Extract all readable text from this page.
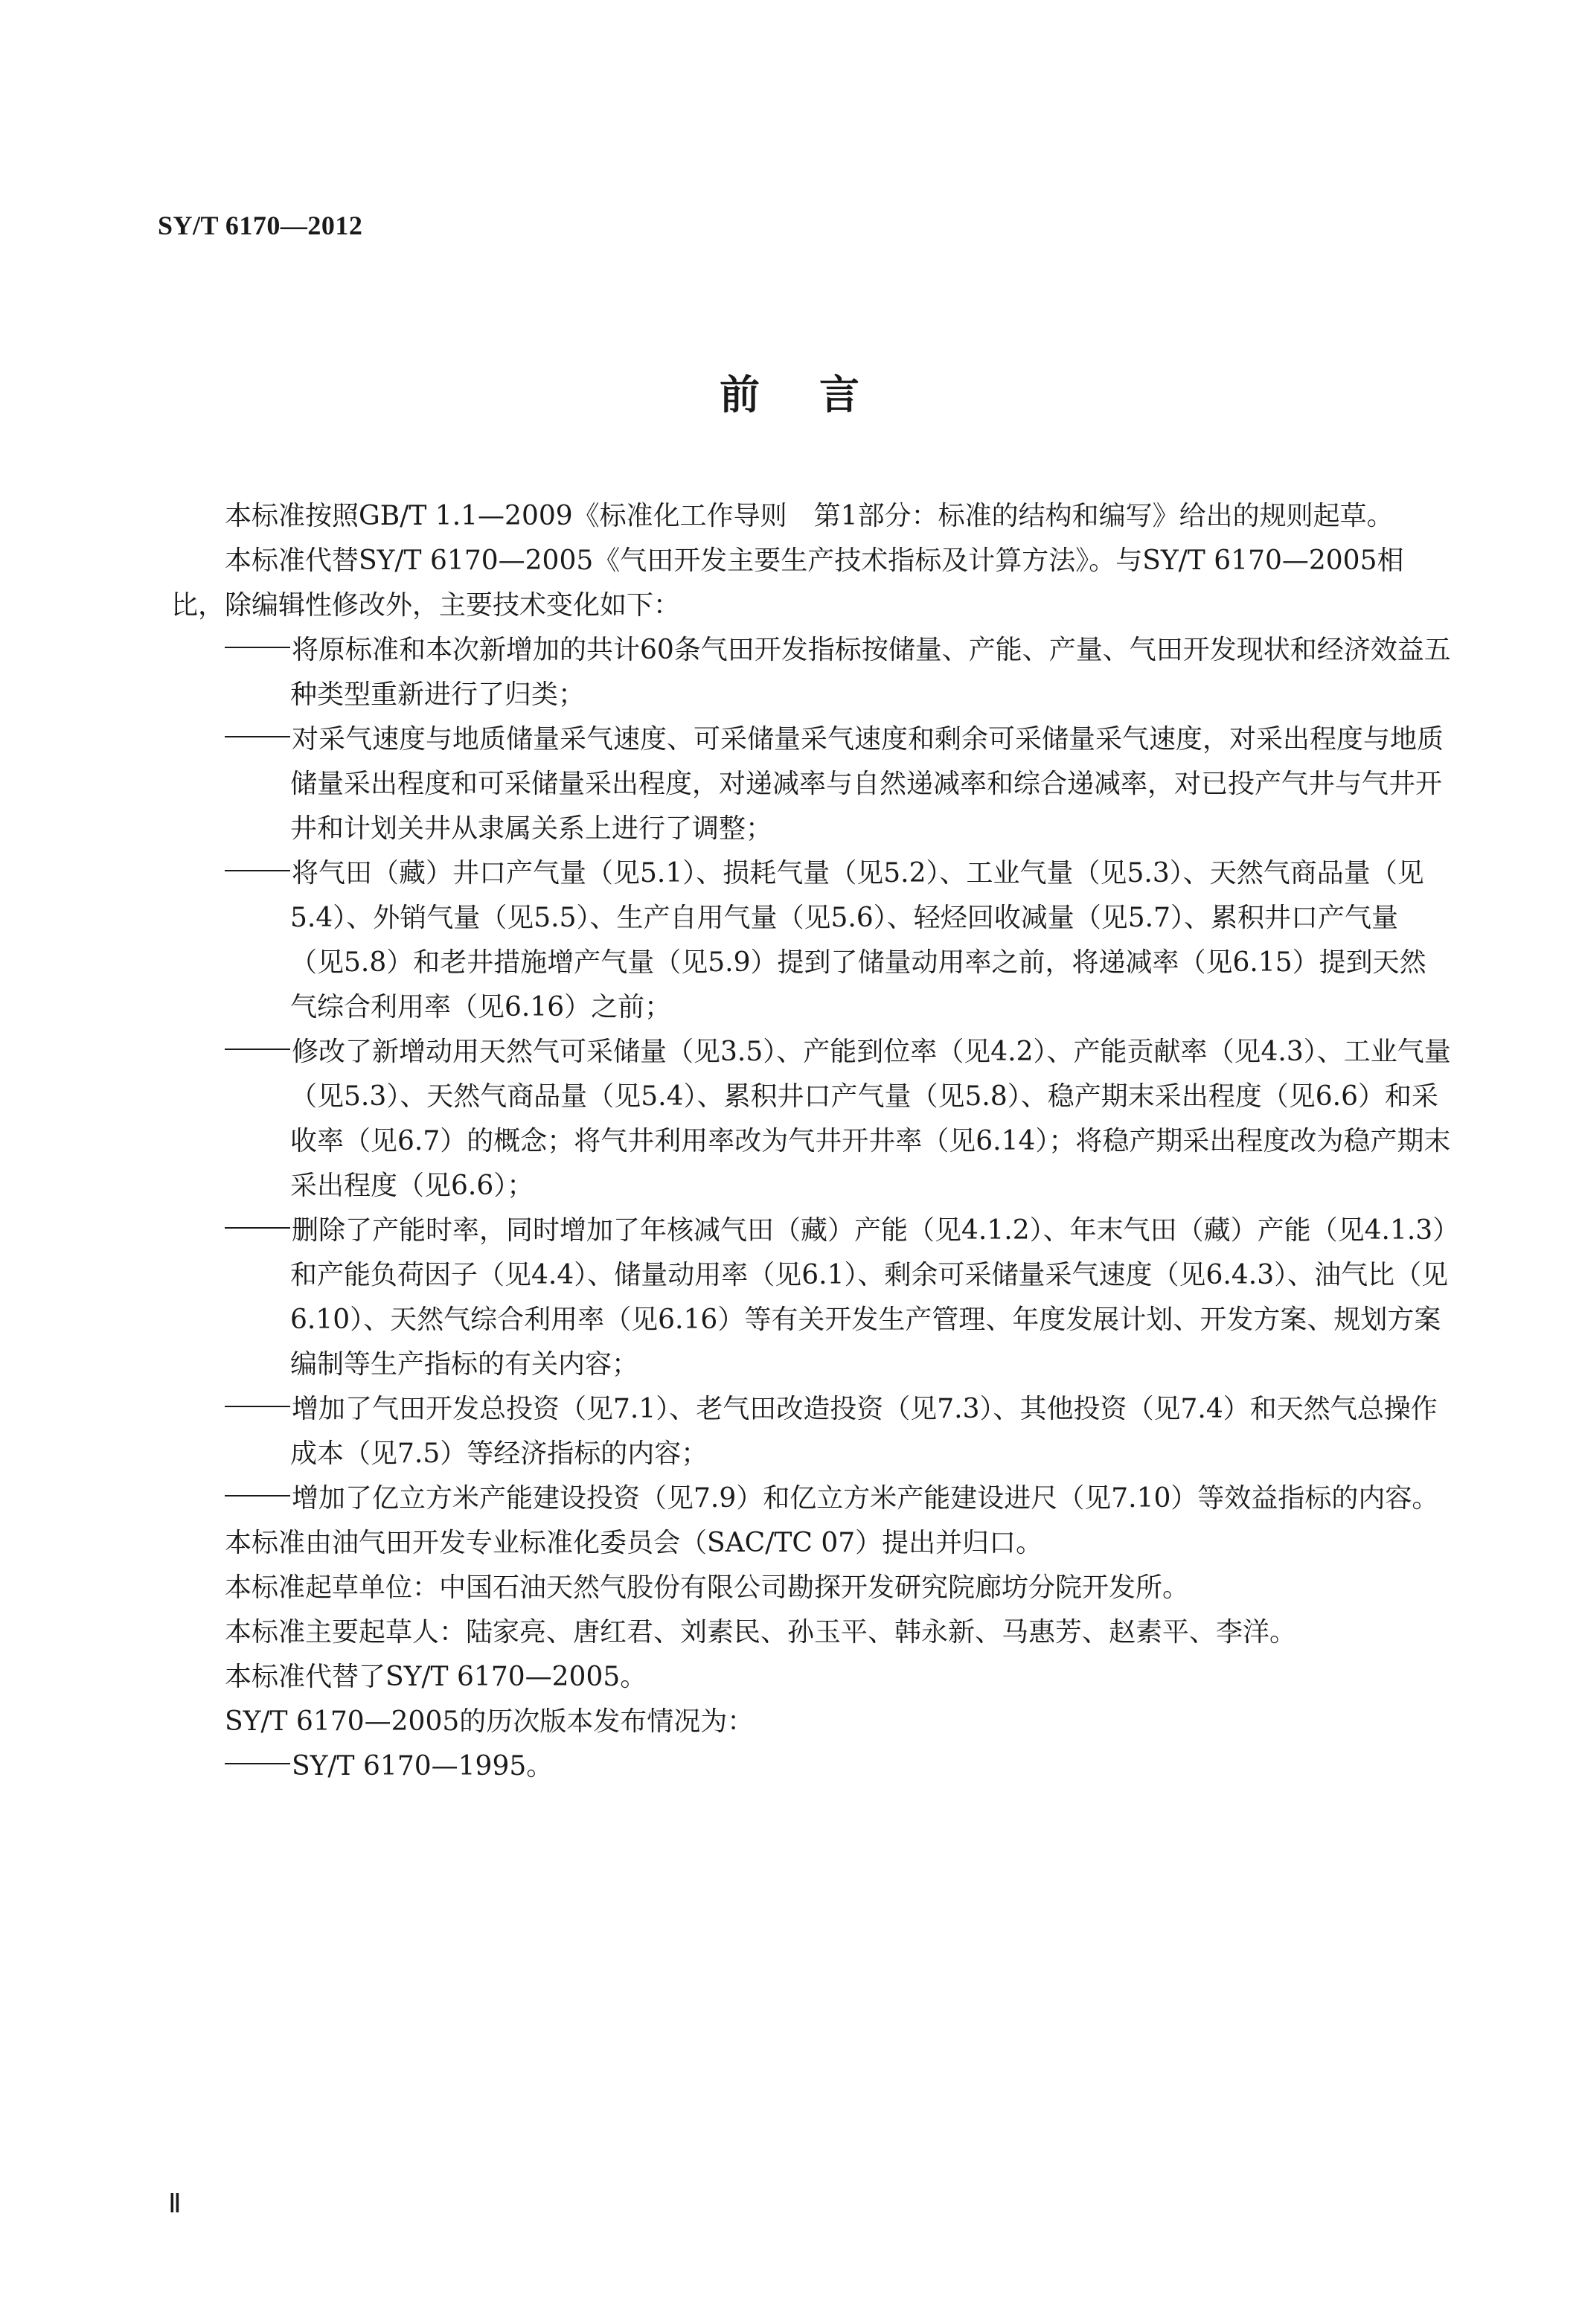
SY/T 6170—2012
前言

本标准按照GB/T 1.1—2009《标准化工作导则　第1部分：标准的结构和编写》给出的规则起草。

本标准代替SY/T 6170—2005《气田开发主要生产技术指标及计算方法》。与SY/T 6170—2005相比，除编辑性修改外，主要技术变化如下：

将原标准和本次新增加的共计60条气田开发指标按储量、产能、产量、气田开发现状和经济效益五种类型重新进行了归类；

对采气速度与地质储量采气速度、可采储量采气速度和剩余可采储量采气速度，对采出程度与地质储量采出程度和可采储量采出程度，对递减率与自然递减率和综合递减率，对已投产气井与气井开井和计划关井从隶属关系上进行了调整；

将气田（藏）井口产气量（见5.1）、损耗气量（见5.2）、工业气量（见5.3）、天然气商品量（见5.4）、外销气量（见5.5）、生产自用气量（见5.6）、轻烃回收减量（见5.7）、累积井口产气量（见5.8）和老井措施增产气量（见5.9）提到了储量动用率之前，将递减率（见6.15）提到天然气综合利用率（见6.16）之前；

修改了新增动用天然气可采储量（见3.5）、产能到位率（见4.2）、产能贡献率（见4.3）、工业气量（见5.3）、天然气商品量（见5.4）、累积井口产气量（见5.8）、稳产期末采出程度（见6.6）和采收率（见6.7）的概念；将气井利用率改为气井开井率（见6.14）；将稳产期采出程度改为稳产期末采出程度（见6.6）；

删除了产能时率，同时增加了年核减气田（藏）产能（见4.1.2）、年末气田（藏）产能（见4.1.3）和产能负荷因子（见4.4）、储量动用率（见6.1）、剩余可采储量采气速度（见6.4.3）、油气比（见6.10）、天然气综合利用率（见6.16）等有关开发生产管理、年度发展计划、开发方案、规划方案编制等生产指标的有关内容；

增加了气田开发总投资（见7.1）、老气田改造投资（见7.3）、其他投资（见7.4）和天然气总操作成本（见7.5）等经济指标的内容；

增加了亿立方米产能建设投资（见7.9）和亿立方米产能建设进尺（见7.10）等效益指标的内容。

本标准由油气田开发专业标准化委员会（SAC/TC 07）提出并归口。

本标准起草单位：中国石油天然气股份有限公司勘探开发研究院廊坊分院开发所。

本标准主要起草人：陆家亮、唐红君、刘素民、孙玉平、韩永新、马惠芳、赵素平、李洋。

本标准代替了SY/T 6170—2005。

SY/T 6170—2005的历次版本发布情况为：

SY/T 6170—1995。

Ⅱ
